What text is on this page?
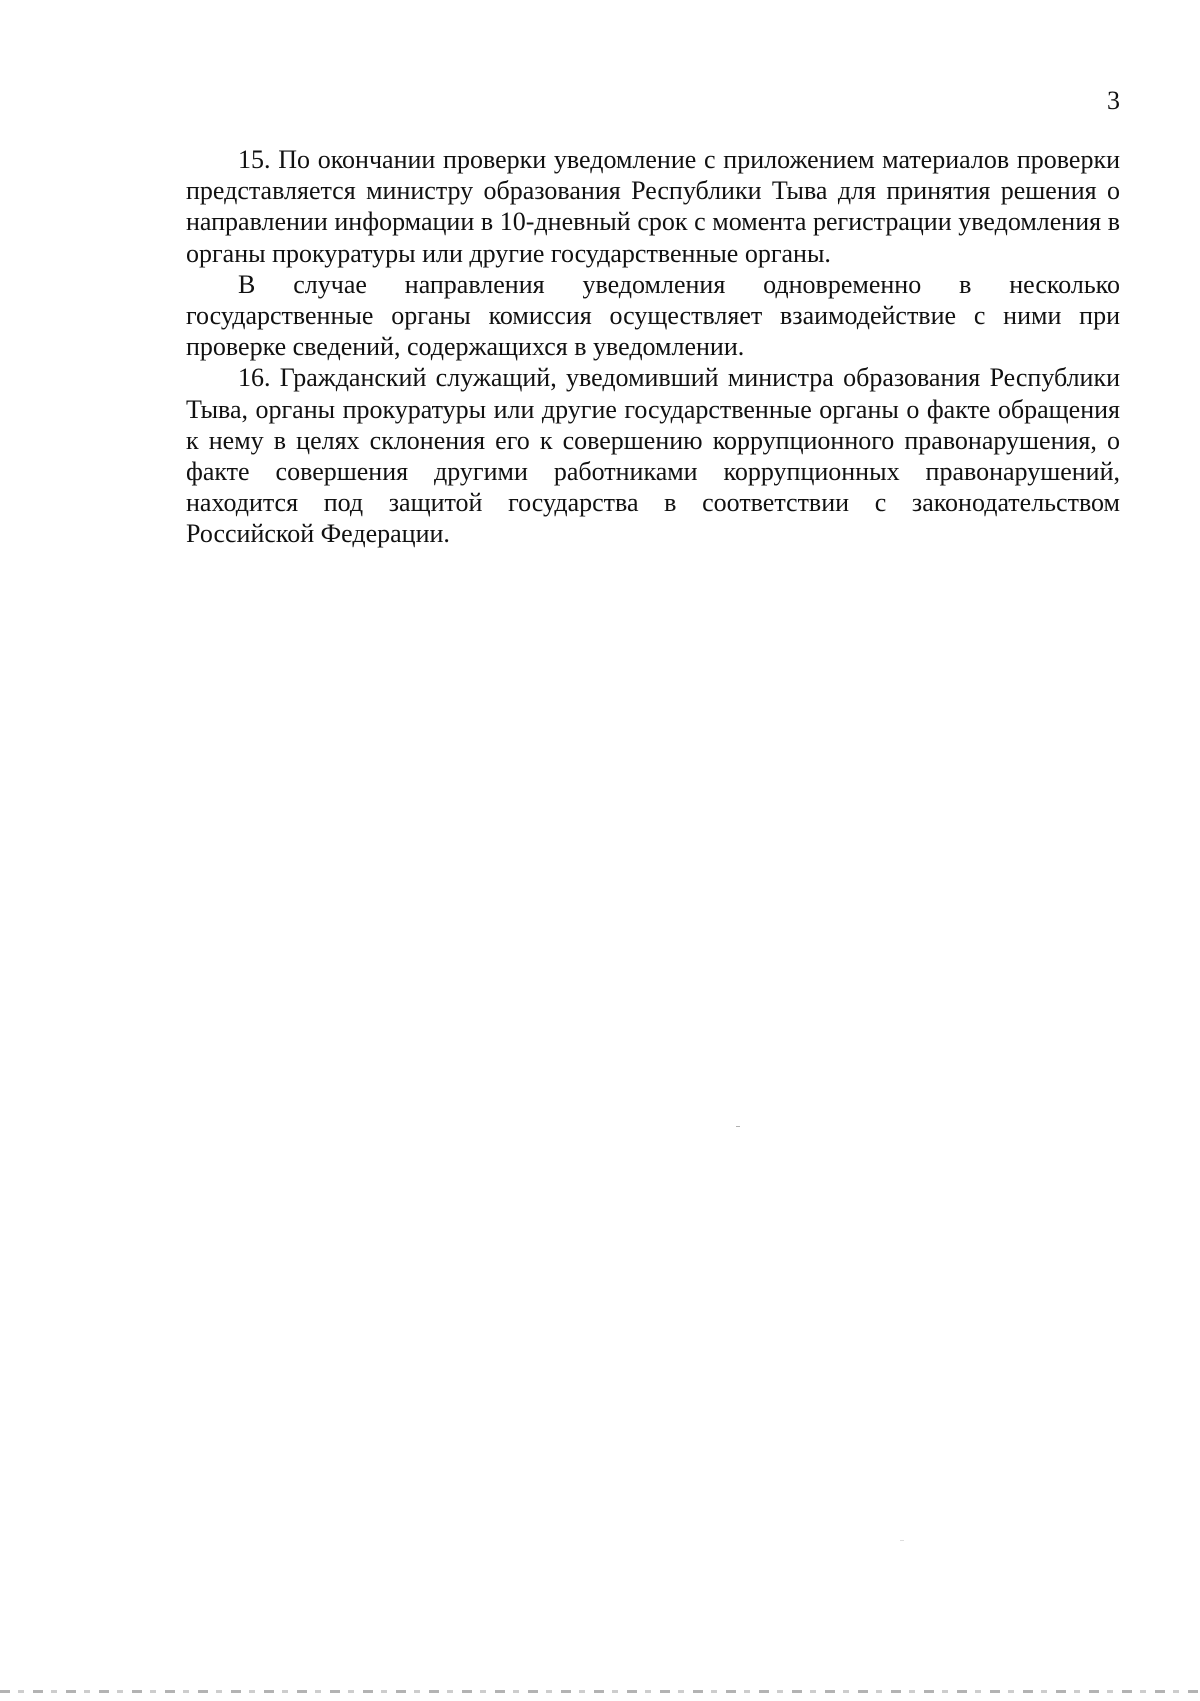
3

15. По окончании проверки уведомление с приложением материалов проверки представляется министру образования Республики Тыва для принятия решения о направлении информации в 10-дневный срок с момента регистрации уведомления в органы прокуратуры или другие государственные органы.

В случае направления уведомления одновременно в несколько государственные органы комиссия осуществляет взаимодействие с ними при проверке сведений, содержащихся в уведомлении.

16. Гражданский служащий, уведомивший министра образования Республики Тыва, органы прокуратуры или другие государственные органы о факте обращения к нему в целях склонения его к совершению коррупционного правонарушения, о факте совершения другими работниками коррупционных правонарушений, находится под защитой государства в соответствии с законодательством Российской Федерации.
